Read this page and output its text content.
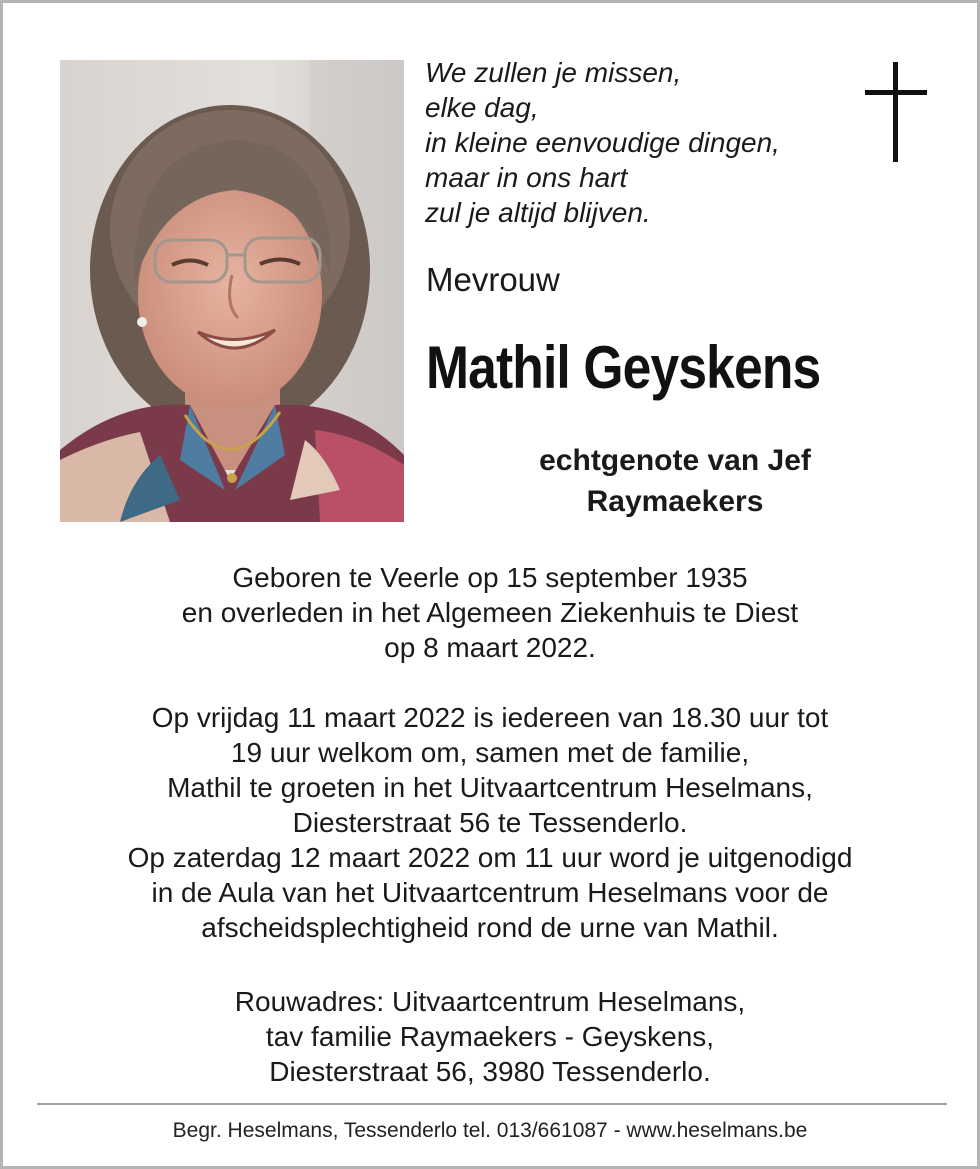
We zullen je missen,
elke dag,
in kleine eenvoudige dingen,
maar in ons hart
zul je altijd blijven.
Mevrouw
Mathil Geyskens
echtgenote van Jef
Raymaekers
Geboren te Veerle op 15 september 1935
en overleden in het Algemeen Ziekenhuis te Diest
op 8 maart 2022.
Op vrijdag 11 maart 2022 is iedereen van 18.30 uur tot
19 uur welkom om, samen met de familie,
Mathil te groeten in het Uitvaartcentrum Heselmans,
Diesterstraat 56 te Tessenderlo.
Op zaterdag 12 maart 2022 om 11 uur word je uitgenodigd
in de Aula van het Uitvaartcentrum Heselmans voor de
afscheidsplechtigheid rond de urne van Mathil.
Rouwadres: Uitvaartcentrum Heselmans,
tav familie Raymaekers - Geyskens,
Diesterstraat 56, 3980 Tessenderlo.
Begr. Heselmans, Tessenderlo tel. 013/661087 - www.heselmans.be
